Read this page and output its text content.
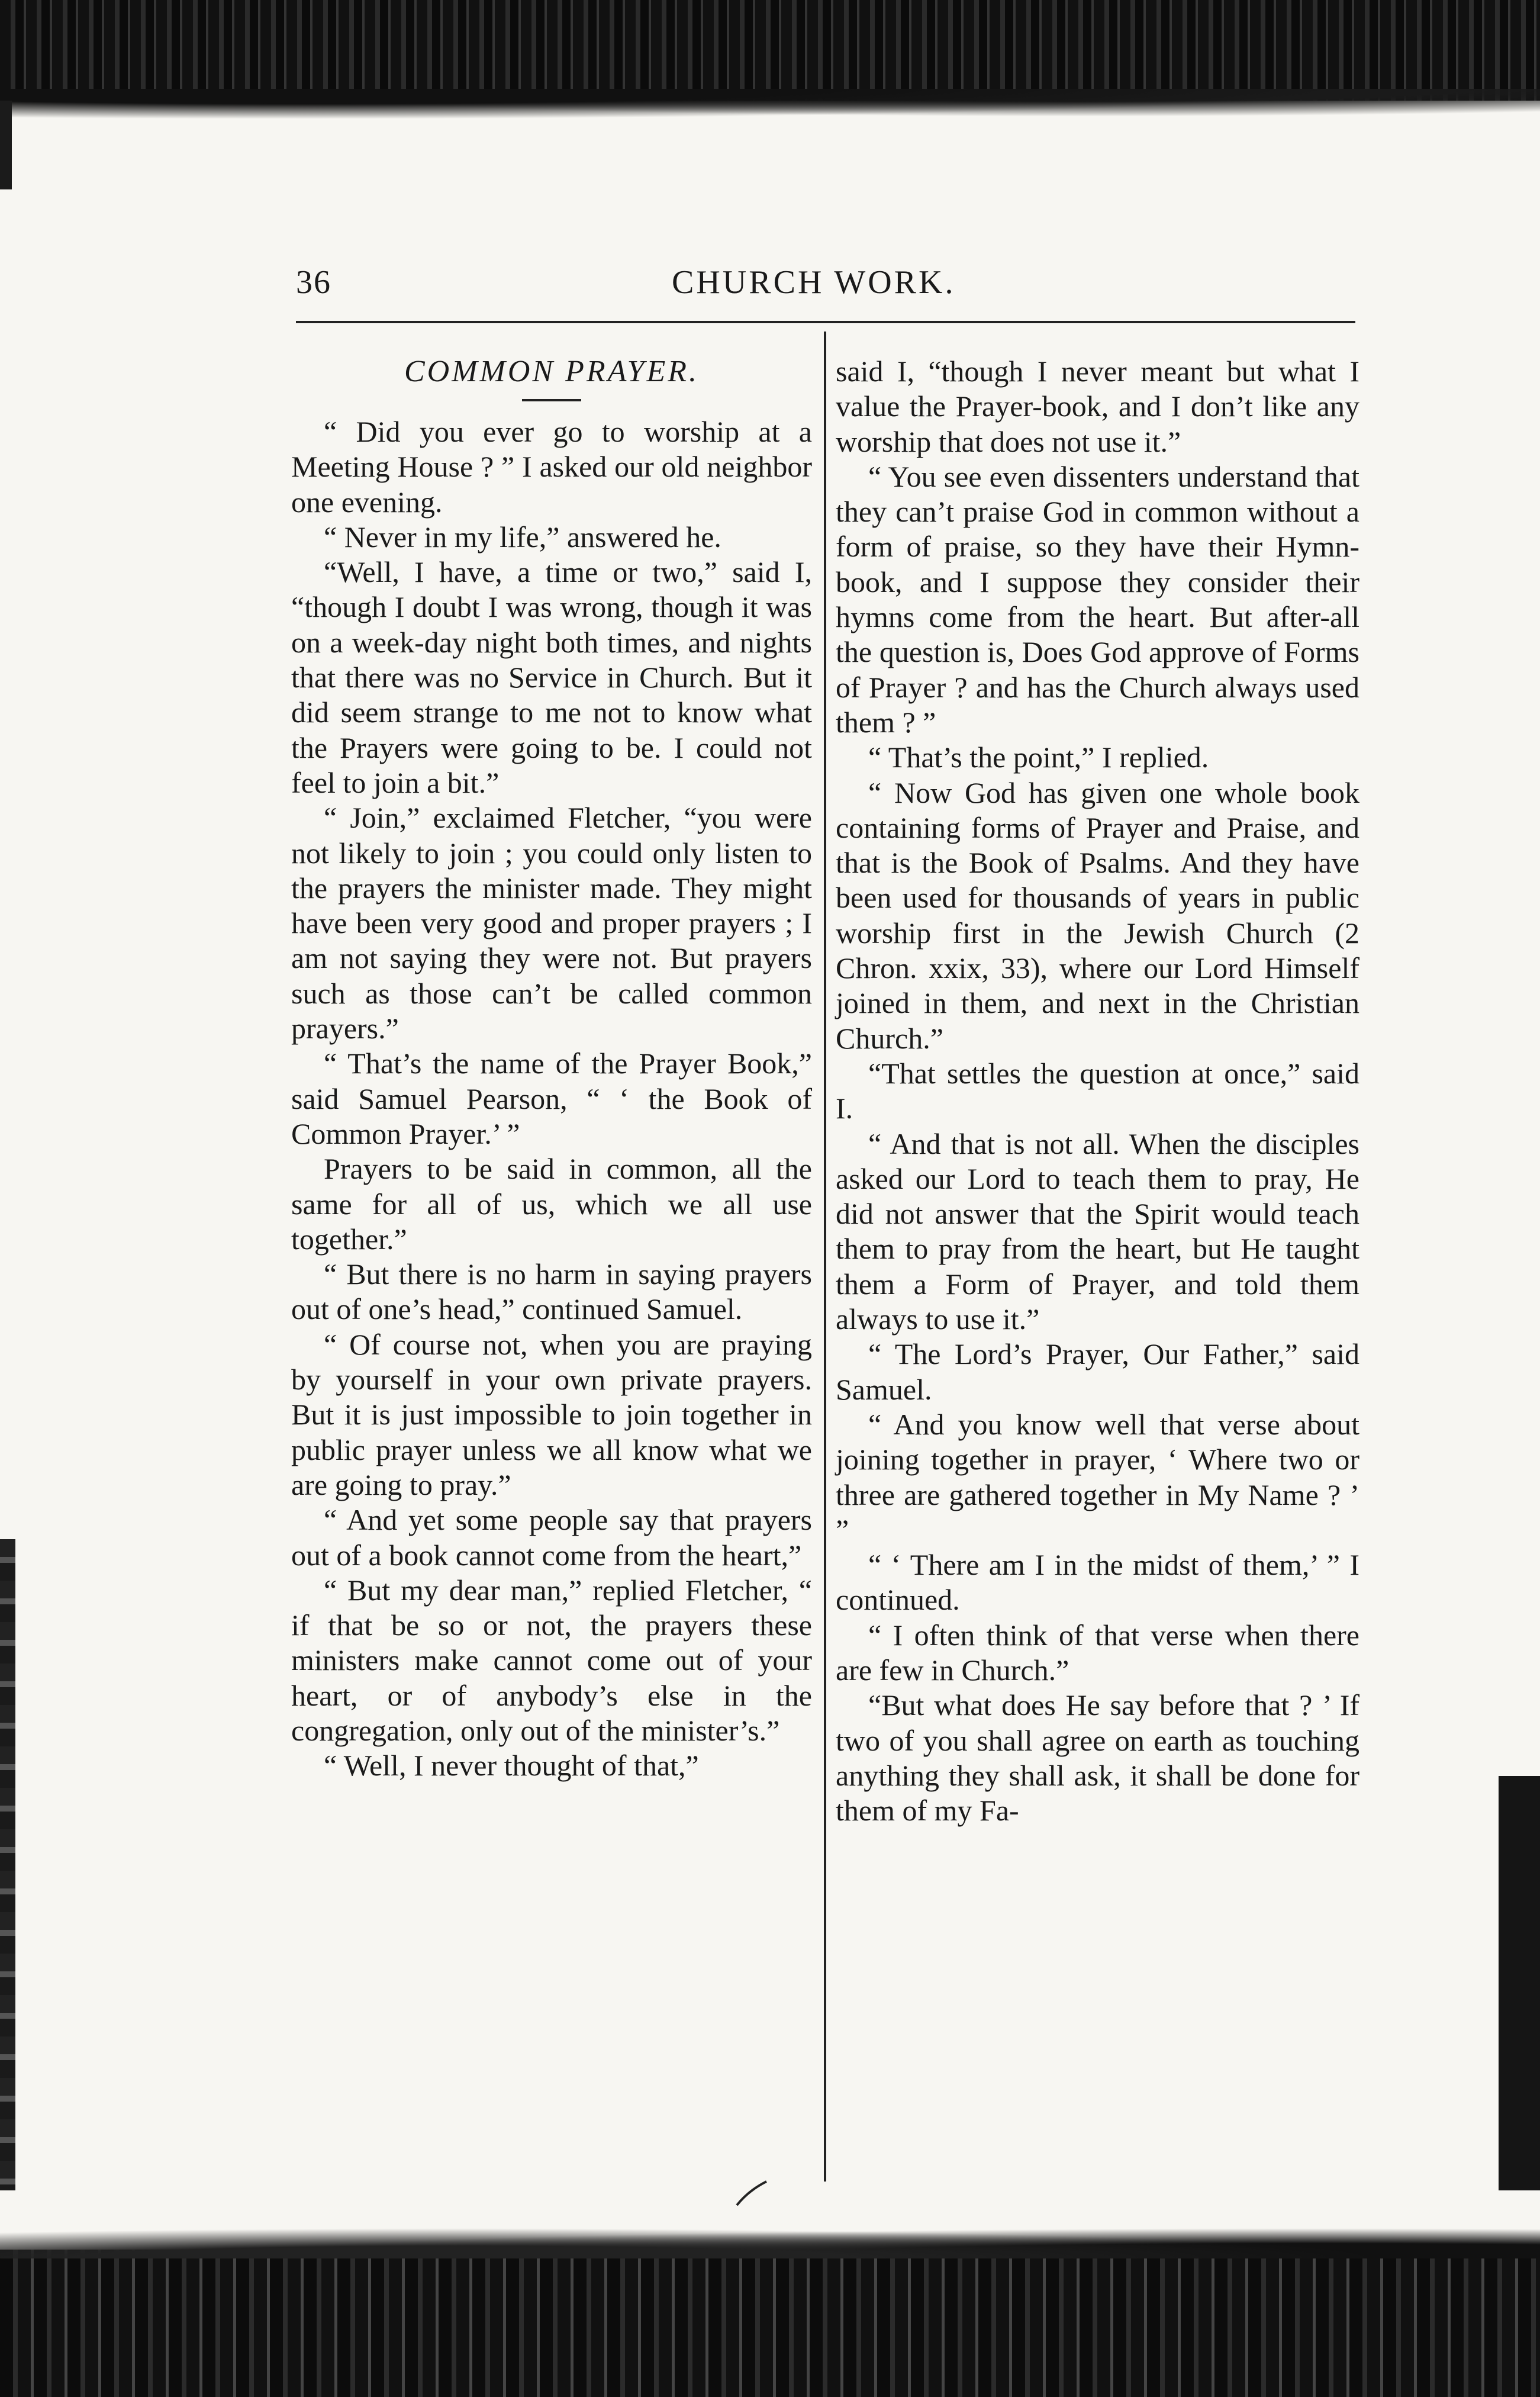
36	CHURCH WORK.
COMMON PRAYER.

“ Did you ever go to worship at a Meeting House ? ” I asked our old neighbor one evening.

“ Never in my life,” answered he.

“Well, I have, a time or two,” said I, “though I doubt I was wrong, though it was on a week-day night both times, and nights that there was no Service in Church. But it did seem strange to me not to know what the Prayers were going to be. I could not feel to join a bit.”

“ Join,” exclaimed Fletcher, “you were not likely to join ; you could only listen to the prayers the minister made. They might have been very good and proper prayers ; I am not saying they were not. But prayers such as those can’t be called common prayers.”

“ That’s the name of the Prayer Book,” said Samuel Pearson, “ ‘ the Book of Common Prayer.’ ”

Prayers to be said in common, all the same for all of us, which we all use together.”

“ But there is no harm in saying prayers out of one’s head,” continued Samuel.

“ Of course not, when you are praying by yourself in your own private prayers. But it is just impossible to join together in public prayer unless we all know what we are going to pray.”

“ And yet some people say that prayers out of a book cannot come from the heart,”

“ But my dear man,” replied Fletcher, “ if that be so or not, the prayers these ministers make cannot come out of your heart, or of anybody’s else in the congregation, only out of the minister’s.”

“ Well, I never thought of that,”

said I, “though I never meant but what I value the Prayer-book, and I don’t like any worship that does not use it.”

“ You see even dissenters understand that they can’t praise God in common without a form of praise, so they have their Hymn-book, and I suppose they consider their hymns come from the heart. But after-all the question is, Does God approve of Forms of Prayer ? and has the Church always used them ? ”

“ That’s the point,” I replied.

“ Now God has given one whole book containing forms of Prayer and Praise, and that is the Book of Psalms. And they have been used for thousands of years in public worship first in the Jewish Church (2 Chron. xxix, 33), where our Lord Himself joined in them, and next in the Christian Church.”

“That settles the question at once,” said I.

“ And that is not all. When the disciples asked our Lord to teach them to pray, He did not answer that the Spirit would teach them to pray from the heart, but He taught them a Form of Prayer, and told them always to use it.”

“ The Lord’s Prayer, Our Father,” said Samuel.

“ And you know well that verse about joining together in prayer, ‘ Where two or three are gathered together in My Name ? ’ ”

“ ‘ There am I in the midst of them,’ ” I continued.

“ I often think of that verse when there are few in Church.”

“But what does He say before that ? ’ If two of you shall agree on earth as touching anything they shall ask, it shall be done for them of my Fa-
